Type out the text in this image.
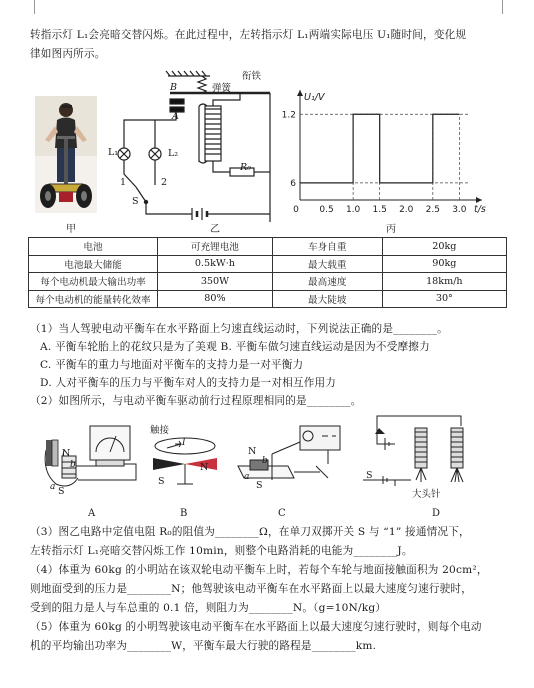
转指示灯 L₁会亮暗交替闪烁。在此过程中，左转指示灯 L₁两端实际电压 U₁随时间，变化规
律如图丙所示。
甲
衔铁
弹簧
B
A
L₁	L₂
1	2
S
R₀
乙
6
1.2
0 0.5 1.0 1.5 2.0 2.5 3.0
U₁/V
t/s
丙
电池	可充锂电池	车身自重	20kg
电池最大储能	0.5kW·h	最大载重	90kg
每个电动机最大输出功率	350W	最高速度	18km/h
每个电动机的能量转化效率	80%	最大陡坡	30°
（1）当人驾驶电动平衡车在水平路面上匀速直线运动时，下列说法正确的是________。
A. 平衡车轮胎上的花纹只是为了美观 B. 平衡车做匀速直线运动是因为不受摩擦力
C. 平衡车的重力与地面对平衡车的支持力是一对平衡力
D. 人对平衡车的压力与平衡车对人的支持力是一对相互作用力
（2）如图所示，与电动平衡车驱动前行过程原理相同的是________。
N
b
a S
A
触接
I
S
N
B
N
b
a
S
C
S
大头针
D
（3）图乙电路中定值电阻 R₀的阻值为________Ω，在单刀双掷开关 S 与 “1” 接通情况下，
左转指示灯 L₁亮暗交替闪烁工作 10min，则整个电路消耗的电能为________J。
（4）体重为 60kg 的小明站在该双轮电动平衡车上时，若每个车轮与地面接触面积为 20cm²，
则地面受到的压力是________N；他驾驶该电动平衡车在水平路面上以最大速度匀速行驶时，
受到的阻力是人与车总重的 0.1 倍，则阻力为________N。（g=10N/kg）
（5）体重为 60kg 的小明驾驶该电动平衡车在水平路面上以最大速度匀速行驶时，则每个电动
机的平均输出功率为________W，平衡车最大行驶的路程是________km.
